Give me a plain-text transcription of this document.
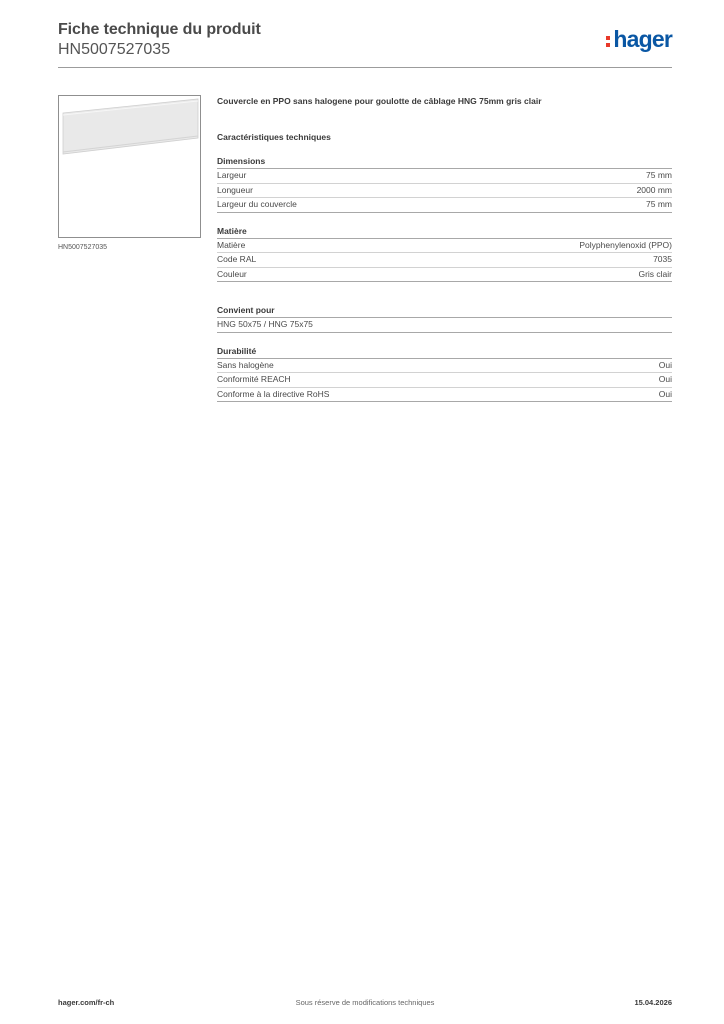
Fiche technique du produit
HN5007527035	hager
HN5007527035
Couvercle en PPO sans halogene pour goulotte de câblage HNG 75mm gris clair
Caractéristiques techniques
Dimensions
Largeur	75 mm
Longueur	2000 mm
Largeur du couvercle	75 mm
Matière
Matière	Polyphenylenoxid (PPO)
Code RAL	7035
Couleur	Gris clair
Convient pour
HNG 50x75 / HNG 75x75
Durabilité
Sans halogène	Oui
Conformité REACH	Oui
Conforme à la directive RoHS	Oui
Sous réserve de modifications techniques
hager.com/fr-ch	15.04.2026
